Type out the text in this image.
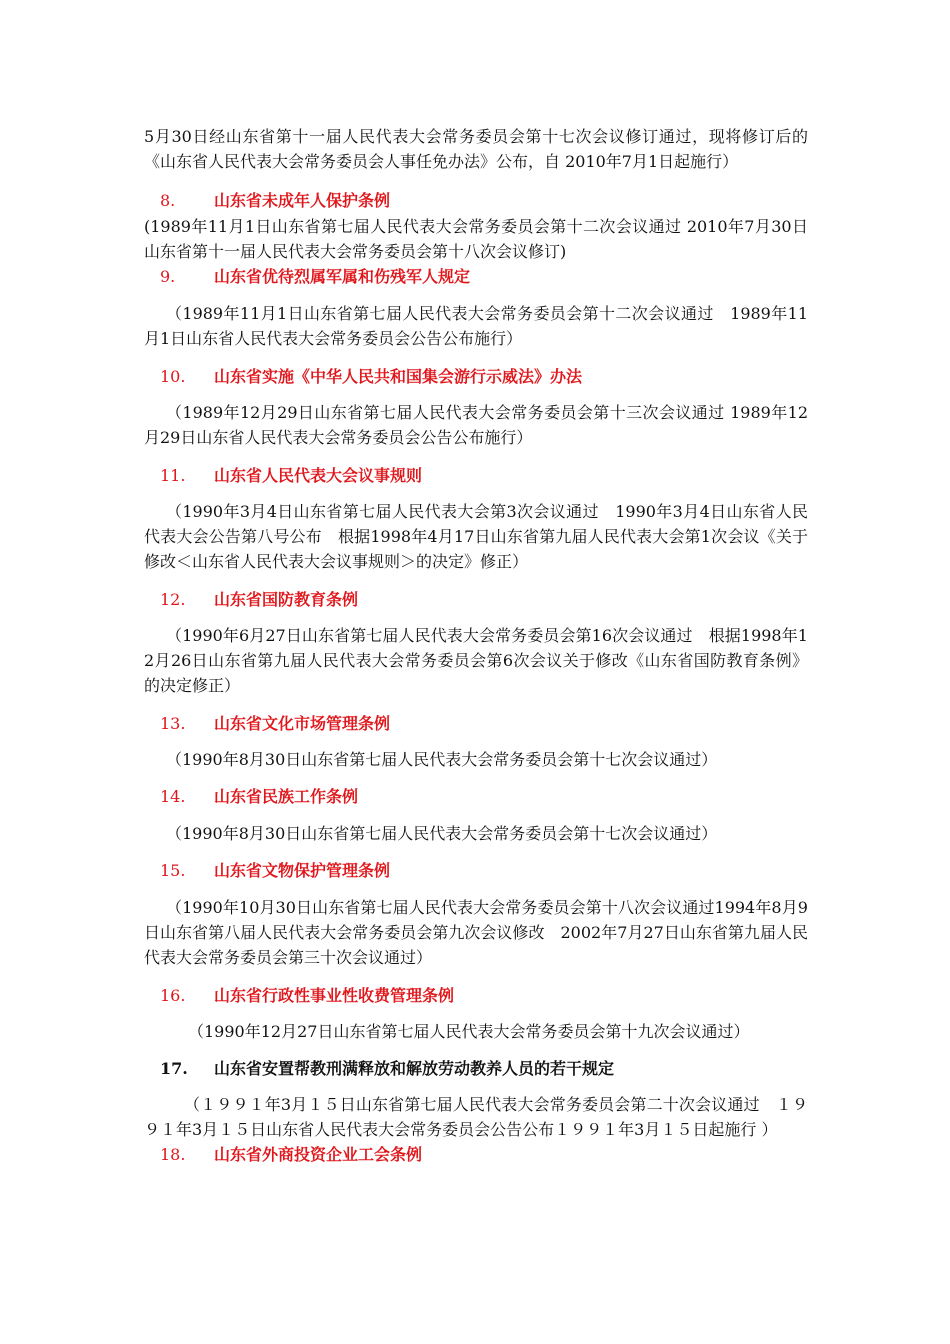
5月30日经山东省第十一届人民代表大会常务委员会第十七次会议修订通过，现将修订后的《山东省人民代表大会常务委员会人事任免办法》公布，自 2010年7月1日起施行）

8. 山东省未成年人保护条例

(1989年11月1日山东省第七届人民代表大会常务委员会第十二次会议通过 2010年7月30日山东省第十一届人民代表大会常务委员会第十八次会议修订)

9. 山东省优待烈属军属和伤残军人规定

（1989年11月1日山东省第七届人民代表大会常务委员会第十二次会议通过　1989年11月1日山东省人民代表大会常务委员会公告公布施行）

10. 山东省实施《中华人民共和国集会游行示威法》办法

（1989年12月29日山东省第七届人民代表大会常务委员会第十三次会议通过 1989年12月29日山东省人民代表大会常务委员会公告公布施行）

11. 山东省人民代表大会议事规则

（1990年3月4日山东省第七届人民代表大会第3次会议通过　1990年3月4日山东省人民代表大会公告第八号公布　根据1998年4月17日山东省第九届人民代表大会第1次会议《关于修改＜山东省人民代表大会议事规则＞的决定》修正）

12. 山东省国防教育条例

（1990年6月27日山东省第七届人民代表大会常务委员会第16次会议通过　根据1998年12月26日山东省第九届人民代表大会常务委员会第6次会议关于修改《山东省国防教育条例》的决定修正）

13. 山东省文化市场管理条例

（1990年8月30日山东省第七届人民代表大会常务委员会第十七次会议通过）

14. 山东省民族工作条例

（1990年8月30日山东省第七届人民代表大会常务委员会第十七次会议通过）

15. 山东省文物保护管理条例

（1990年10月30日山东省第七届人民代表大会常务委员会第十八次会议通过1994年8月9日山东省第八届人民代表大会常务委员会第九次会议修改　2002年7月27日山东省第九届人民代表大会常务委员会第三十次会议通过）

16. 山东省行政性事业性收费管理条例

（1990年12月27日山东省第七届人民代表大会常务委员会第十九次会议通过）

17. 山东省安置帮教刑满释放和解放劳动教养人员的若干规定

（１９９１年3月１５日山东省第七届人民代表大会常务委员会第二十次会议通过　１９９１年3月１５日山东省人民代表大会常务委员会公告公布１９９１年3月１５日起施行 ）

18. 山东省外商投资企业工会条例
